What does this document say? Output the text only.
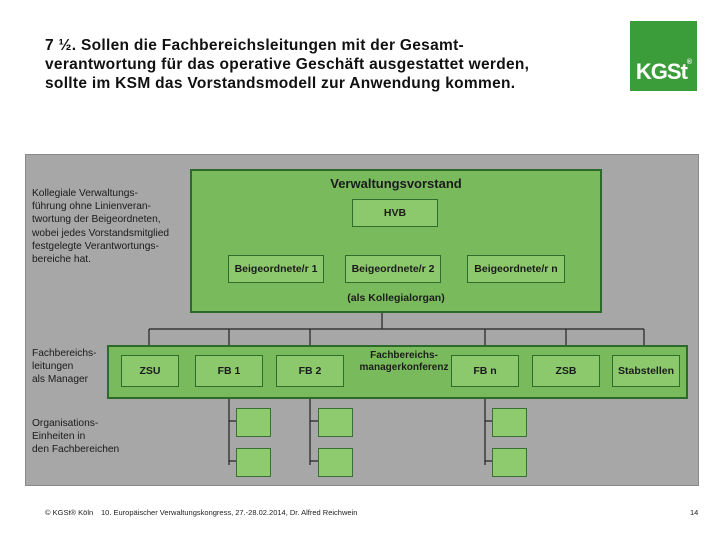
7 ½. Sollen die Fachbereichsleitungen mit der Gesamt-
verantwortung für das operative Geschäft ausgestattet werden,
sollte im KSM das Vorstandsmodell zur Anwendung kommen.	KGSt®
Kollegiale Verwaltungs-
führung ohne Linienveran-
twortung der Beigeordneten,
wobei jedes Vorstandsmitglied
festgelegte Verantwortungs-
bereiche hat.
Fachbereichs-
leitungen
als Manager
Organisations-
Einheiten in
den Fachbereichen
Verwaltungsvorstand
HVB
Beigeordnete/r 1	Beigeordnete/r 2	Beigeordnete/r n
(als Kollegialorgan)
ZSU	FB 1	FB 2
Fachbereichs-
managerkonferenz	FB n	ZSB	Stabstellen
© KGSt® Köln 10. Europäischer Verwaltungskongress, 27.-28.02.2014, Dr. Alfred Reichwein	14
